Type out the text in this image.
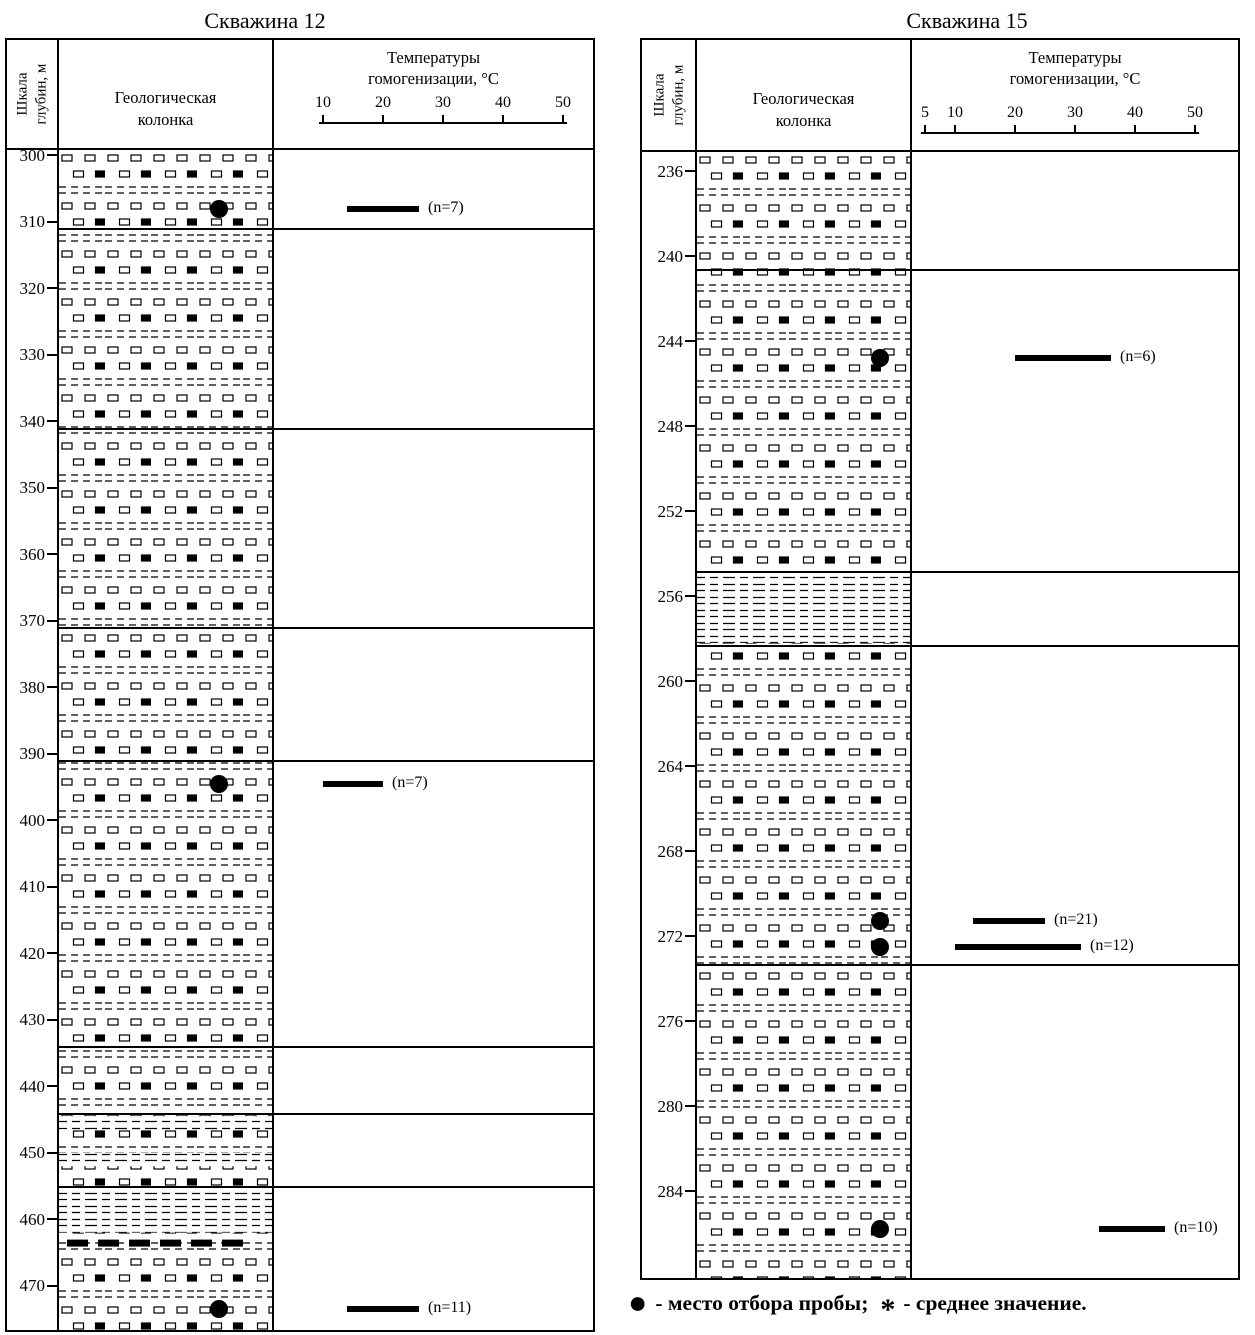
Скважина 12
Шкала глубин, м
300
310
320
330
340
350
360
370
380
390
400
410
420
430
440
450
460
470
Геологическая колонка
Температуры
гомогенизации, °С
10	20	30	40	50
(n=7)
(n=7)
(n=11)
Скважина 15
Шкала глубин, м
236
240
244
248
252
256
260
264
268
272
276
280
284
Геологическая колонка
Температуры
гомогенизации, °С
5	10	20	30	40	50
(n=6)
(n=21)
(n=12)
(n=10)
● - место отбора пробы; * - среднее значение.
